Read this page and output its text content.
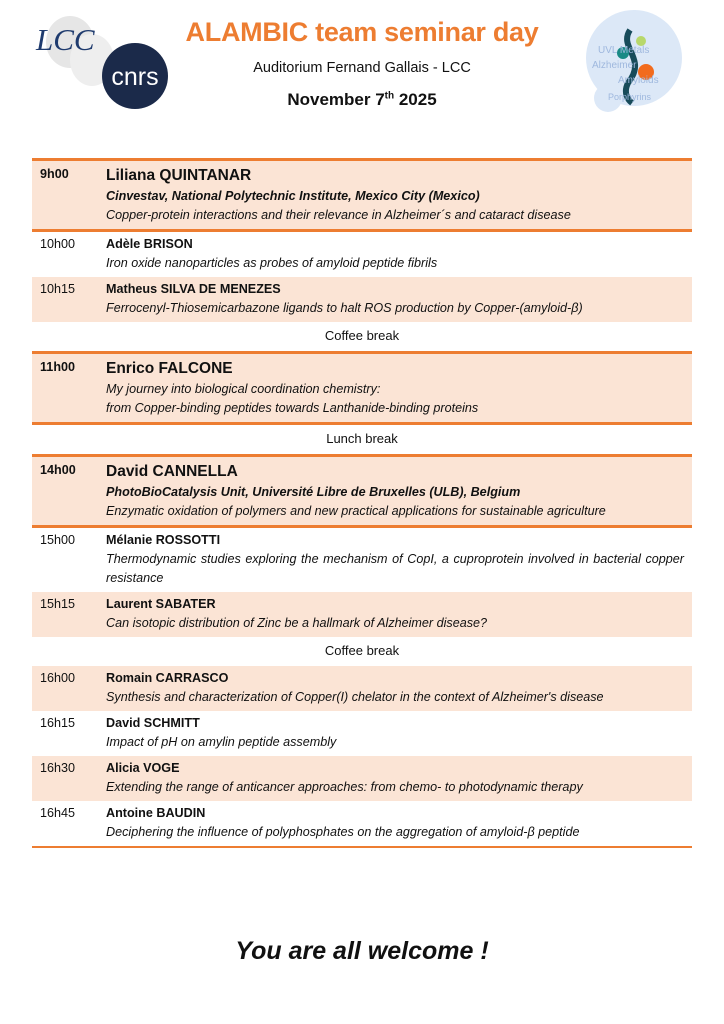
LCC
cnrs
ALAMBIC team seminar day
Auditorium Fernand Gallais - LCC
November 7th 2025
UVL Metals
Alzheimer
Amyloids
Porphyrins
9h00	Liliana QUINTANAR
Cinvestav, National Polytechnic Institute, Mexico City (Mexico)
Copper-protein interactions and their relevance in Alzheimer´s and cataract disease
10h00	Adèle BRISON
Iron oxide nanoparticles as probes of amyloid peptide fibrils
10h15	Matheus SILVA DE MENEZES
Ferrocenyl-Thiosemicarbazone ligands to halt ROS production by Copper-(amyloid-β)
Coffee break
11h00	Enrico FALCONE
My journey into biological coordination chemistry:
from Copper-binding peptides towards Lanthanide-binding proteins
Lunch break
14h00	David CANNELLA
PhotoBioCatalysis Unit, Université Libre de Bruxelles (ULB), Belgium
Enzymatic oxidation of polymers and new practical applications for sustainable agriculture
15h00	Mélanie ROSSOTTI
Thermodynamic studies exploring the mechanism of CopI, a cuproprotein involved in bacterial copper resistance
15h15	Laurent SABATER
Can isotopic distribution of Zinc be a hallmark of Alzheimer disease?
Coffee break
16h00	Romain CARRASCO
Synthesis and characterization of Copper(I) chelator in the context of Alzheimer's disease
16h15	David SCHMITT
Impact of pH on amylin peptide assembly
16h30	Alicia VOGE
Extending the range of anticancer approaches: from chemo- to photodynamic therapy
16h45	Antoine BAUDIN
Deciphering the influence of polyphosphates on the aggregation of amyloid-β peptide
You are all welcome !
